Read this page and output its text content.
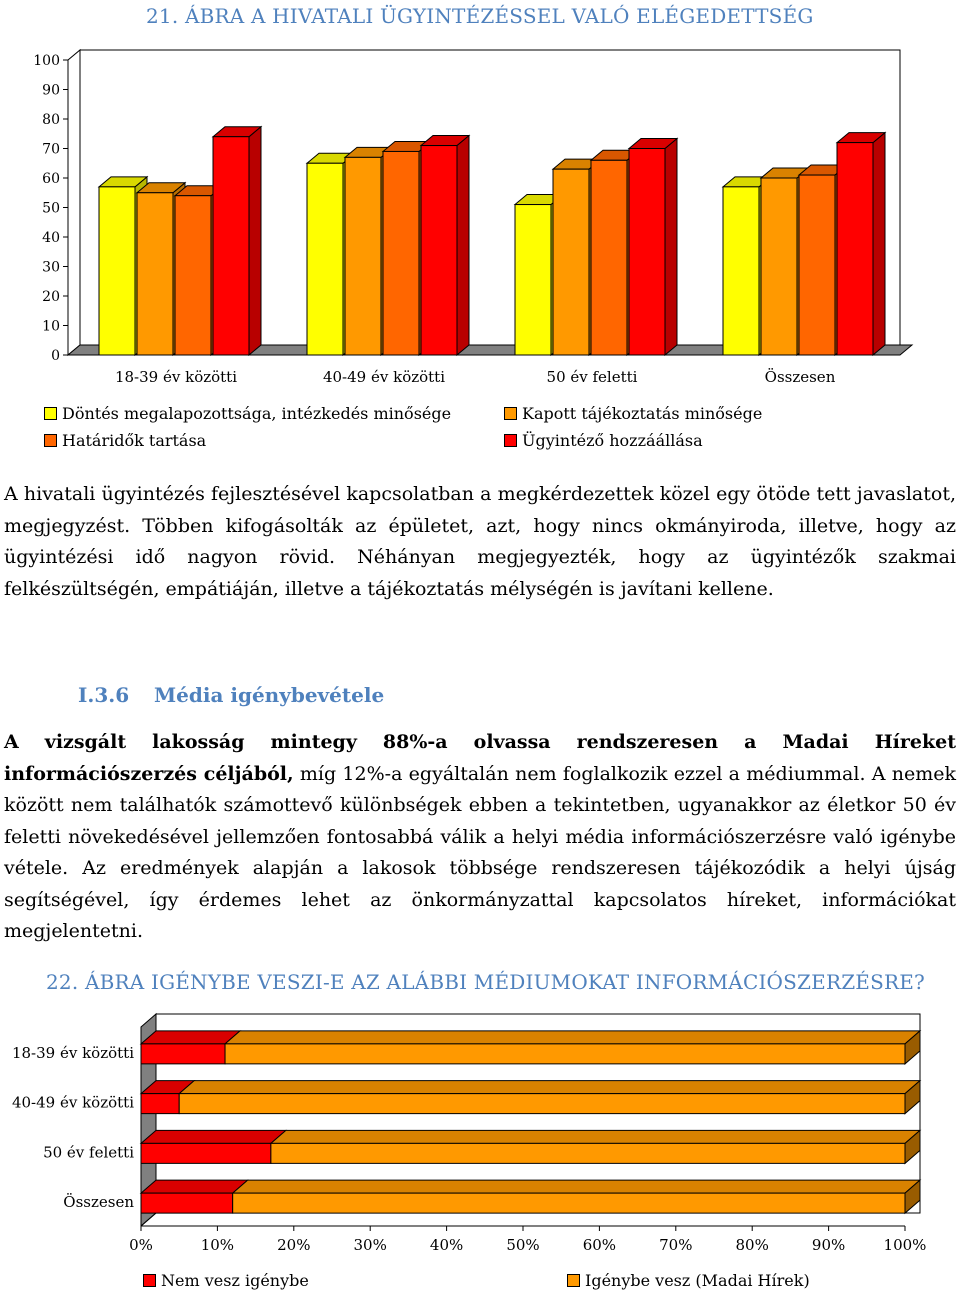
21. ÁBRA A HIVATALI ÜGYINTÉZÉSSEL VALÓ ELÉGEDETTSÉG
0
10
20
30
40
50
60
70
80
90
100
18-39 év közötti	40-49 év közötti	50 év feletti	Összesen
Döntés megalapozottsága, intézkedés minősége	Kapott tájékoztatás minősége
Határidők tartása	Ügyintéző hozzáállása

A hivatali ügyintézés fejlesztésével kapcsolatban a megkérdezettek közel egy ötöde tett javaslatot, megjegyzést. Többen kifogásolták az épületet, azt, hogy nincs okmányiroda, illetve, hogy az ügyintézési idő nagyon rövid. Néhányan megjegyezték, hogy az ügyintézők szakmai felkészültségén, empátiáján, illetve a tájékoztatás mélységén is javítani kellene.

I.3.6 Média igénybevétele

A vizsgált lakosság mintegy 88%-a olvassa rendszeresen a Madai Híreket információszerzés céljából, míg 12%-a egyáltalán nem foglalkozik ezzel a médiummal. A nemek között nem találhatók számottevő különbségek ebben a tekintetben, ugyanakkor az életkor 50 év feletti növekedésével jellemzően fontosabbá válik a helyi média információszerzésre való igénybe vétele. Az eredmények alapján a lakosok többsége rendszeresen tájékozódik a helyi újság segítségével, így érdemes lehet az önkormányzattal kapcsolatos híreket, információkat megjelentetni.

22. ÁBRA IGÉNYBE VESZI-E AZ ALÁBBI MÉDIUMOKAT INFORMÁCIÓSZERZÉSRE?
0%	10%	20%	30%	40%	50%	60%	70%	80%	90%	100%
18-39 év közötti
40-49 év közötti
50 év feletti
Összesen
Nem vesz igénybe	Igénybe vesz (Madai Hírek)
